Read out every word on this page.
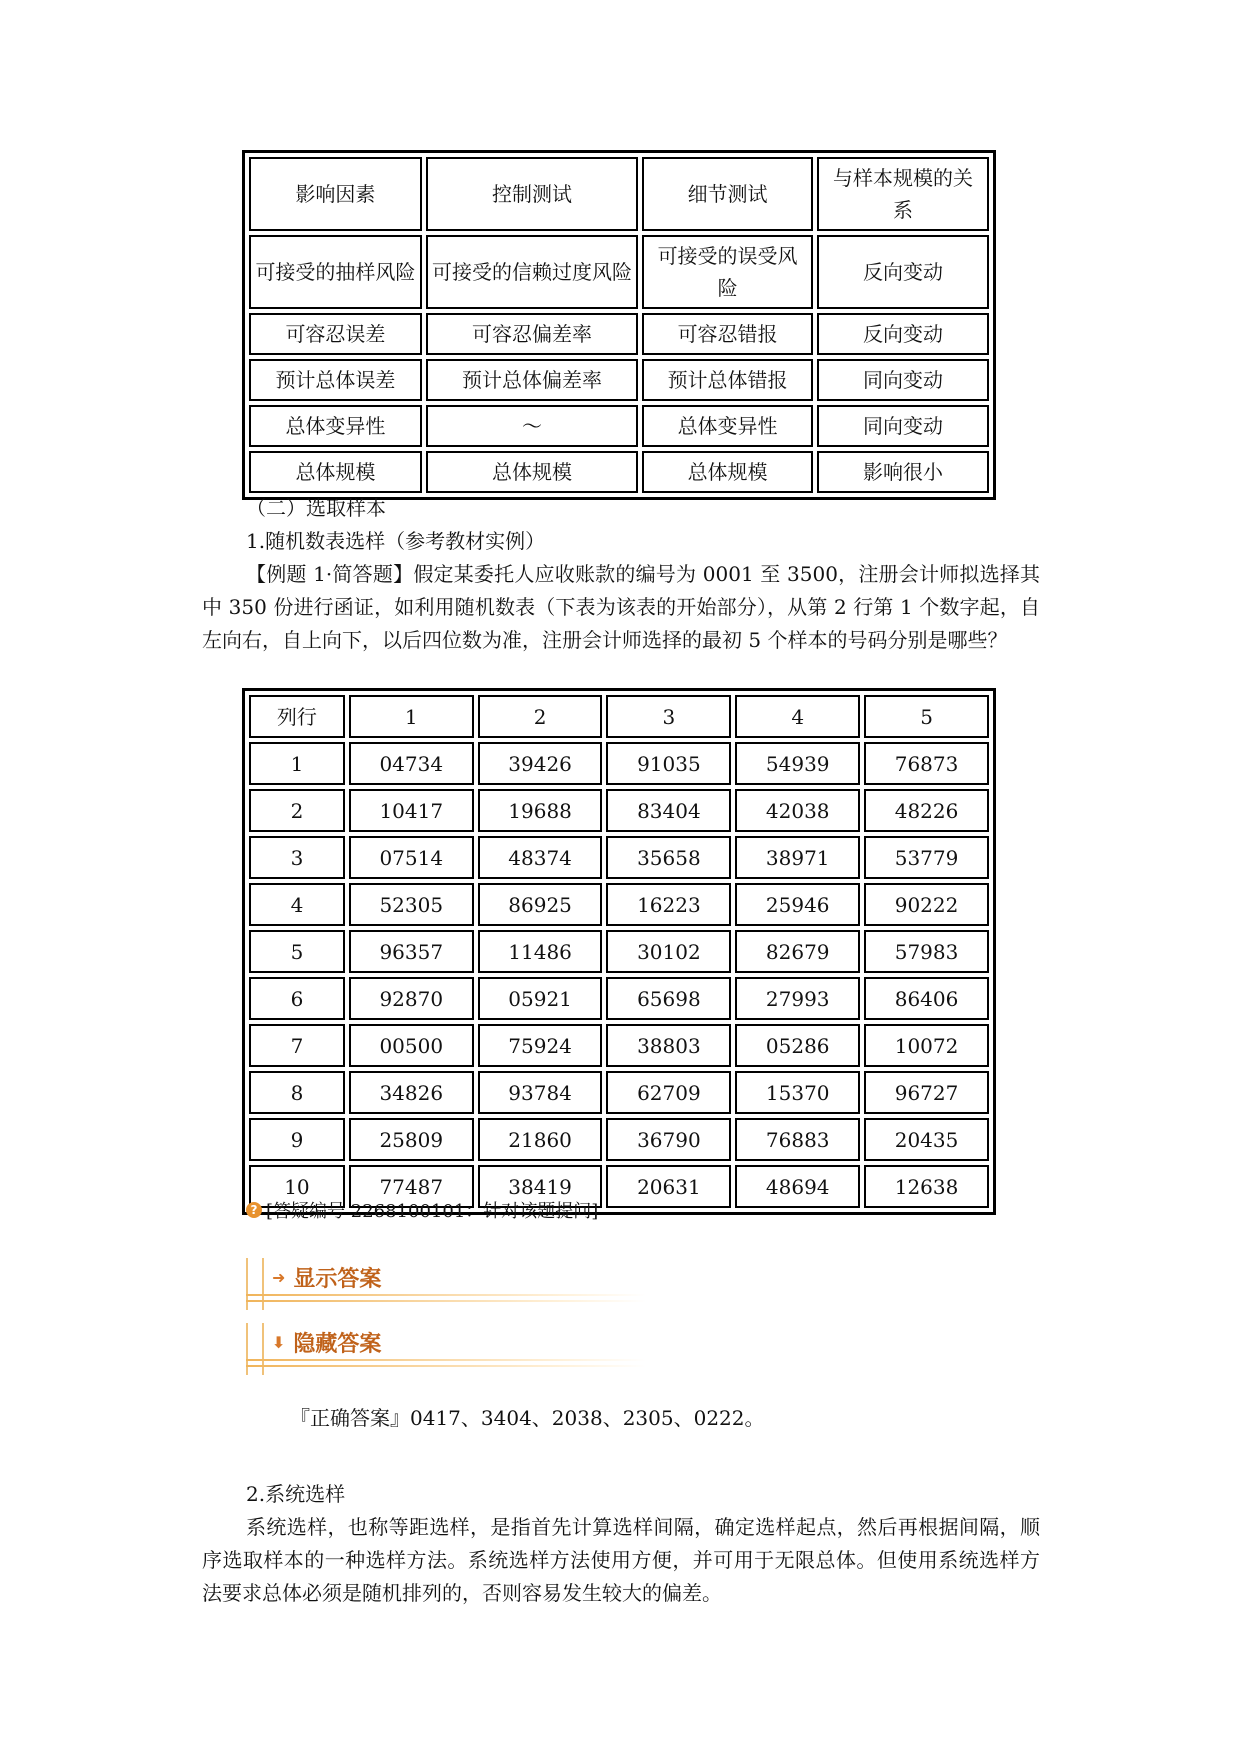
影响因素	控制测试	细节测试	与样本规模的关系
可接受的抽样风险	可接受的信赖过度风险	可接受的误受风险	反向变动
可容忍误差	可容忍偏差率	可容忍错报	反向变动
预计总体误差	预计总体偏差率	预计总体错报	同向变动
总体变异性	～	总体变异性	同向变动
总体规模	总体规模	总体规模	影响很小
（二）选取样本
1.随机数表选样（参考教材实例）
【例题 1·简答题】假定某委托人应收账款的编号为 0001 至 3500，注册会计师拟选择其中 350 份进行函证，如利用随机数表（下表为该表的开始部分），从第 2 行第 1 个数字起，自左向右，自上向下，以后四位数为准，注册会计师选择的最初 5 个样本的号码分别是哪些？
列行	1	2	3	4	5
1	04734	39426	91035	54939	76873
2	10417	19688	83404	42038	48226
3	07514	48374	35658	38971	53779
4	52305	86925	16223	25946	90222
5	96357	11486	30102	82679	57983
6	92870	05921	65698	27993	86406
7	00500	75924	38803	05286	10072
8	34826	93784	62709	15370	96727
9	25809	21860	36790	76883	20435
10	77487	38419	20631	48694	12638
? [答疑编号 2268100101：针对该题提问]
➜ 显示答案
⬇ 隐藏答案
『正确答案』0417、3404、2038、2305、0222。
2.系统选样
系统选样，也称等距选样，是指首先计算选样间隔，确定选样起点，然后再根据间隔，顺序选取样本的一种选样方法。系统选样方法使用方便，并可用于无限总体。但使用系统选样方法要求总体必须是随机排列的，否则容易发生较大的偏差。
